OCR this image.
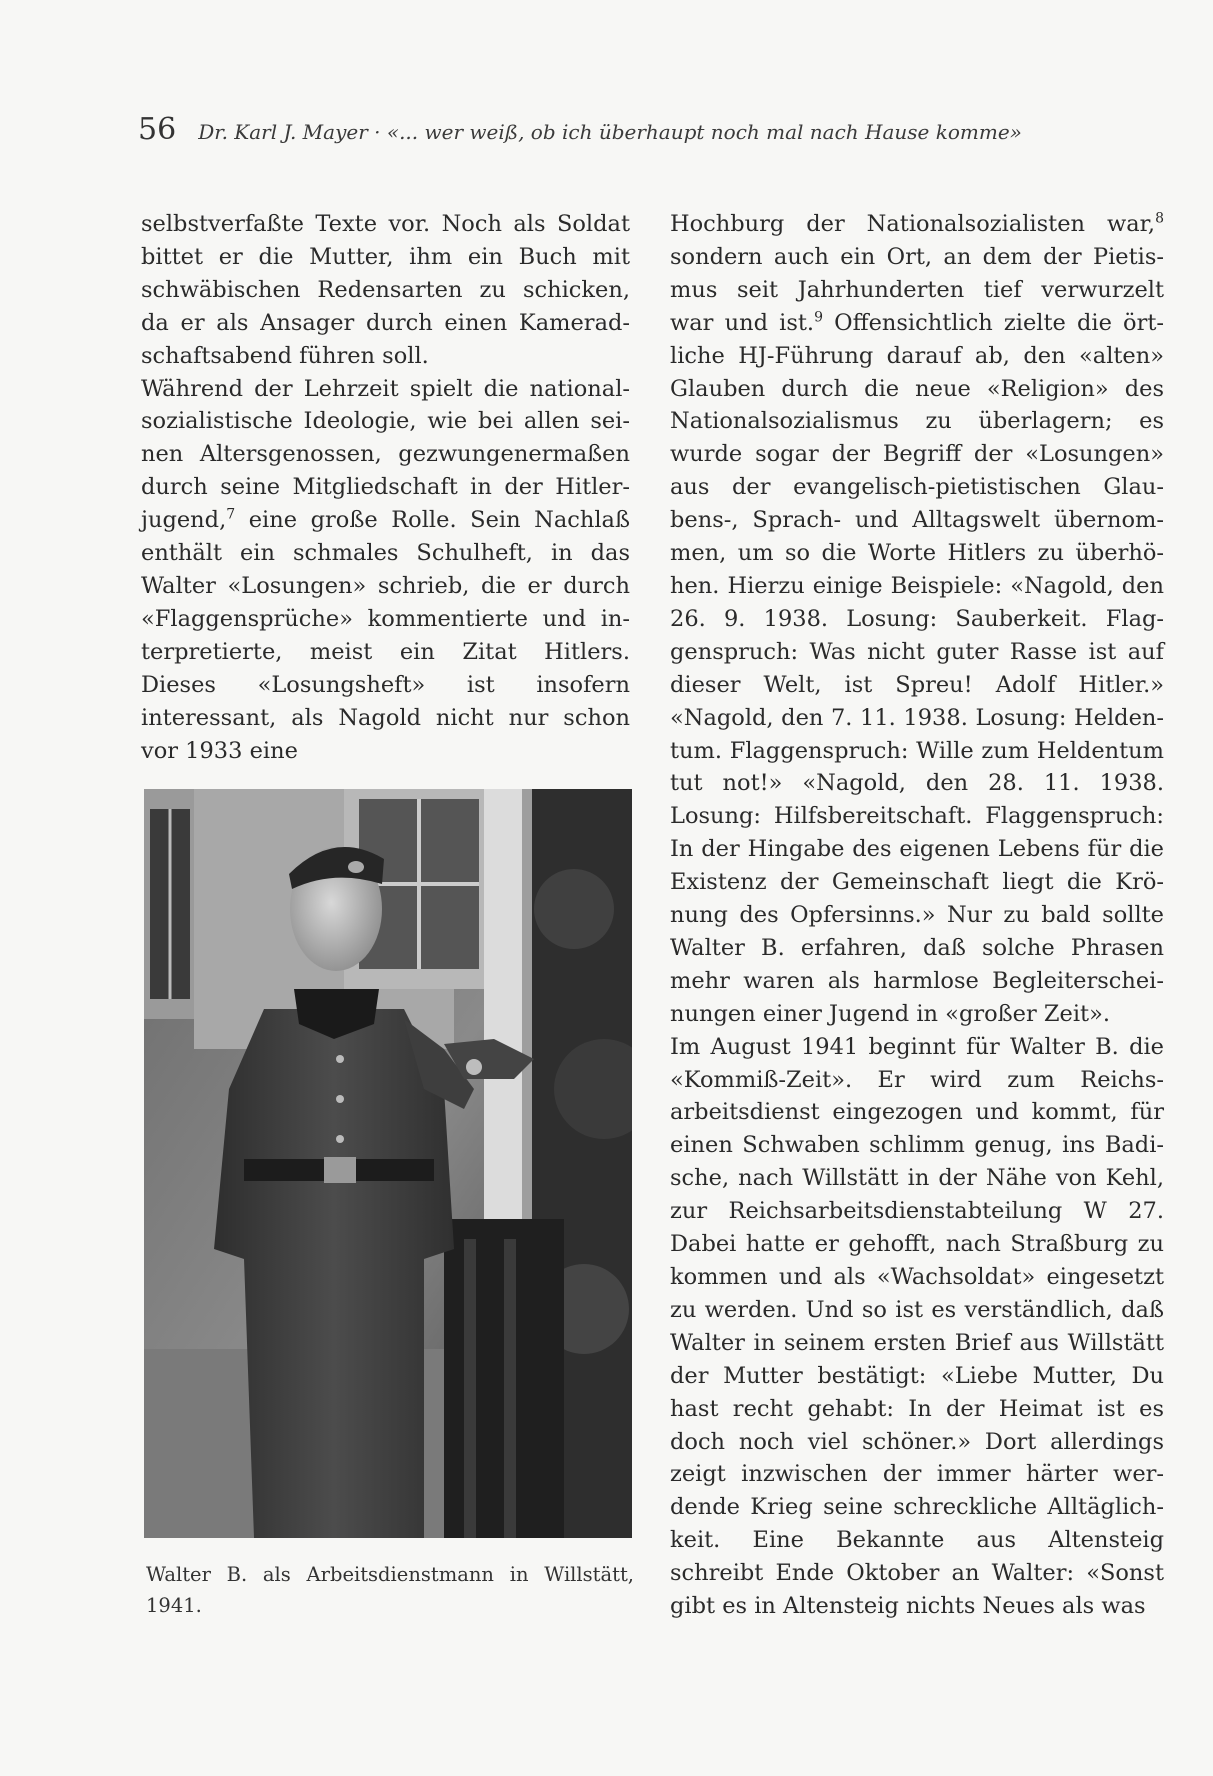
56 Dr. Karl J. Mayer · «... wer weiß, ob ich überhaupt noch mal nach Hause komme»

selbstverfaßte Texte vor. Noch als Soldat bittet er die Mutter, ihm ein Buch mit schwäbischen Redensarten zu schicken, da er als Ansager durch einen Kameradschaftsabend führen soll.

Während der Lehrzeit spielt die nationalsozialistische Ideologie, wie bei allen seinen Altersgenossen, gezwungenermaßen durch seine Mitgliedschaft in der Hitlerjugend,$^7$ eine große Rolle. Sein Nachlaß enthält ein schmales Schulheft, in das Walter «Losungen» schrieb, die er durch «Flaggensprüche» kommentierte und interpretierte, meist ein Zitat Hitlers. Dieses «Losungsheft» ist insofern interessant, als Nagold nicht nur schon vor 1933 eine

Walter B. als Arbeitsdienstmann in Willstätt, 1941.

Hochburg der Nationalsozialisten war,$^8$ sondern auch ein Ort, an dem der Pietismus seit Jahrhunderten tief verwurzelt war und ist.$^9$ Offensichtlich zielte die örtliche HJ-Führung darauf ab, den «alten» Glauben durch die neue «Religion» des Nationalsozialismus zu überlagern; es wurde sogar der Begriff der «Losungen» aus der evangelisch-pietistischen Glaubens-, Sprach- und Alltagswelt übernommen, um so die Worte Hitlers zu überhöhen. Hierzu einige Beispiele: «Nagold, den 26. 9. 1938. Losung: Sauberkeit. Flaggenspruch: Was nicht guter Rasse ist auf dieser Welt, ist Spreu! Adolf Hitler.» «Nagold, den 7. 11. 1938. Losung: Heldentum. Flaggenspruch: Wille zum Heldentum tut not!» «Nagold, den 28. 11. 1938. Losung: Hilfsbereitschaft. Flaggenspruch: In der Hingabe des eigenen Lebens für die Existenz der Gemeinschaft liegt die Krönung des Opfersinns.» Nur zu bald sollte Walter B. erfahren, daß solche Phrasen mehr waren als harmlose Begleiterscheinungen einer Jugend in «großer Zeit».

Im August 1941 beginnt für Walter B. die «Kommiß-Zeit». Er wird zum Reichsarbeitsdienst eingezogen und kommt, für einen Schwaben schlimm genug, ins Badische, nach Willstätt in der Nähe von Kehl, zur Reichsarbeitsdienstabteilung W 27. Dabei hatte er gehofft, nach Straßburg zu kommen und als «Wachsoldat» eingesetzt zu werden. Und so ist es verständlich, daß Walter in seinem ersten Brief aus Willstätt der Mutter bestätigt: «Liebe Mutter, Du hast recht gehabt: In der Heimat ist es doch noch viel schöner.» Dort allerdings zeigt inzwischen der immer härter werdende Krieg seine schreckliche Alltäglichkeit. Eine Bekannte aus Altensteig schreibt Ende Oktober an Walter: «Sonst gibt es in Altensteig nichts Neues als was
